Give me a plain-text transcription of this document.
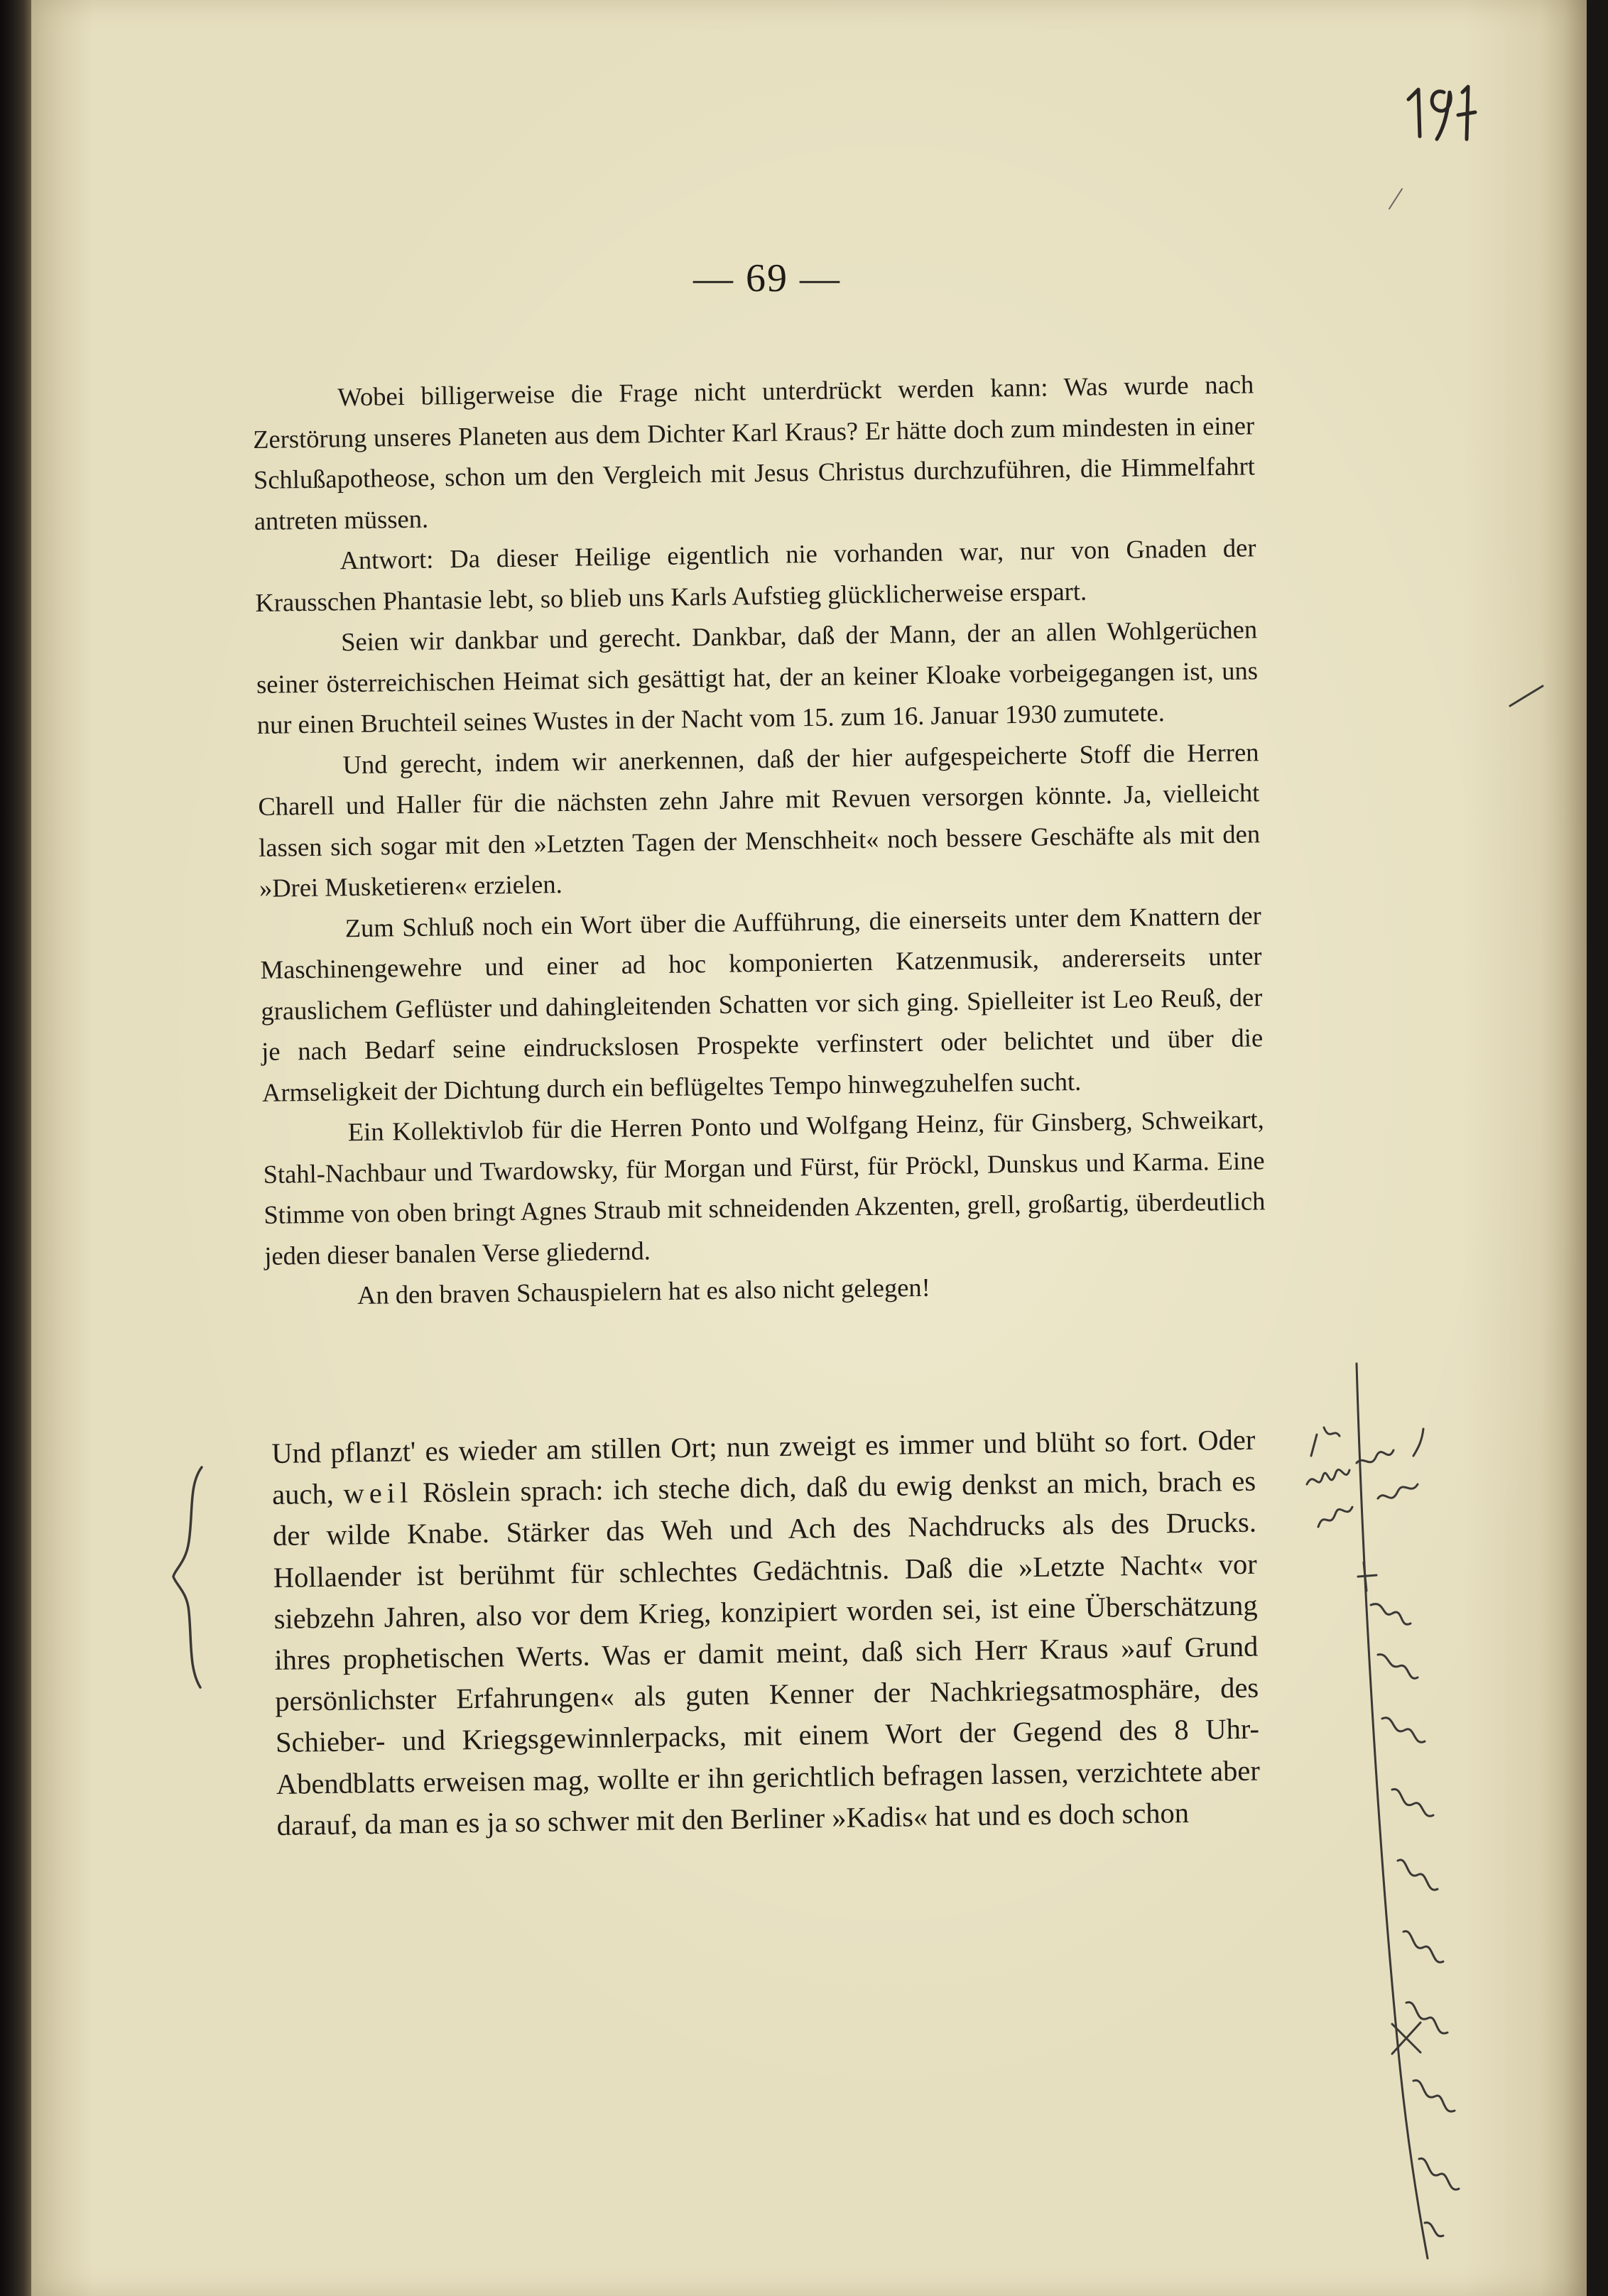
— 69 —

Wobei billigerweise die Frage nicht unterdrückt werden kann: Was wurde nach Zerstörung unseres Planeten aus dem Dichter Karl Kraus? Er hätte doch zum mindesten in einer Schlußapotheose, schon um den Vergleich mit Jesus Christus durchzuführen, die Himmelfahrt antreten müssen.

Antwort: Da dieser Heilige eigentlich nie vorhanden war, nur von Gnaden der Krausschen Phantasie lebt, so blieb uns Karls Aufstieg glücklicherweise erspart.

Seien wir dankbar und gerecht. Dankbar, daß der Mann, der an allen Wohlgerüchen seiner österreichischen Heimat sich gesättigt hat, der an keiner Kloake vorbeigegangen ist, uns nur einen Bruchteil seines Wustes in der Nacht vom 15. zum 16. Januar 1930 zumutete.

Und gerecht, indem wir anerkennen, daß der hier aufgespeicherte Stoff die Herren Charell und Haller für die nächsten zehn Jahre mit Revuen versorgen könnte. Ja, vielleicht lassen sich sogar mit den »Letzten Tagen der Menschheit« noch bessere Geschäfte als mit den »Drei Musketieren« erzielen.

Zum Schluß noch ein Wort über die Aufführung, die einerseits unter dem Knattern der Maschinengewehre und einer ad hoc komponierten Katzenmusik, andererseits unter grauslichem Geflüster und dahingleitenden Schatten vor sich ging. Spielleiter ist Leo Reuß, der je nach Bedarf seine eindruckslosen Prospekte verfinstert oder belichtet und über die Armseligkeit der Dichtung durch ein beflügeltes Tempo hinwegzuhelfen sucht.

Ein Kollektivlob für die Herren Ponto und Wolfgang Heinz, für Ginsberg, Schweikart, Stahl-Nachbaur und Twardowsky, für Morgan und Fürst, für Pröckl, Dunskus und Karma. Eine Stimme von oben bringt Agnes Straub mit schneidenden Akzenten, grell, großartig, überdeutlich jeden dieser banalen Verse gliedernd.

An den braven Schauspielern hat es also nicht gelegen!

Und pflanzt' es wieder am stillen Ort; nun zweigt es immer und blüht so fort. Oder auch, weil Röslein sprach: ich steche dich, daß du ewig denkst an mich, brach es der wilde Knabe. Stärker das Weh und Ach des Nachdrucks als des Drucks. Hollaender ist berühmt für schlechtes Gedächtnis. Daß die »Letzte Nacht« vor siebzehn Jahren, also vor dem Krieg, konzipiert worden sei, ist eine Überschätzung ihres prophetischen Werts. Was er damit meint, daß sich Herr Kraus »auf Grund persönlichster Erfahrungen« als guten Kenner der Nachkriegsatmosphäre, des Schieber- und Kriegsgewinnlerpacks, mit einem Wort der Gegend des 8 Uhr-Abendblatts erweisen mag, wollte er ihn gerichtlich befragen lassen, verzichtete aber darauf, da man es ja so schwer mit den Berliner »Kadis« hat und es doch schon
